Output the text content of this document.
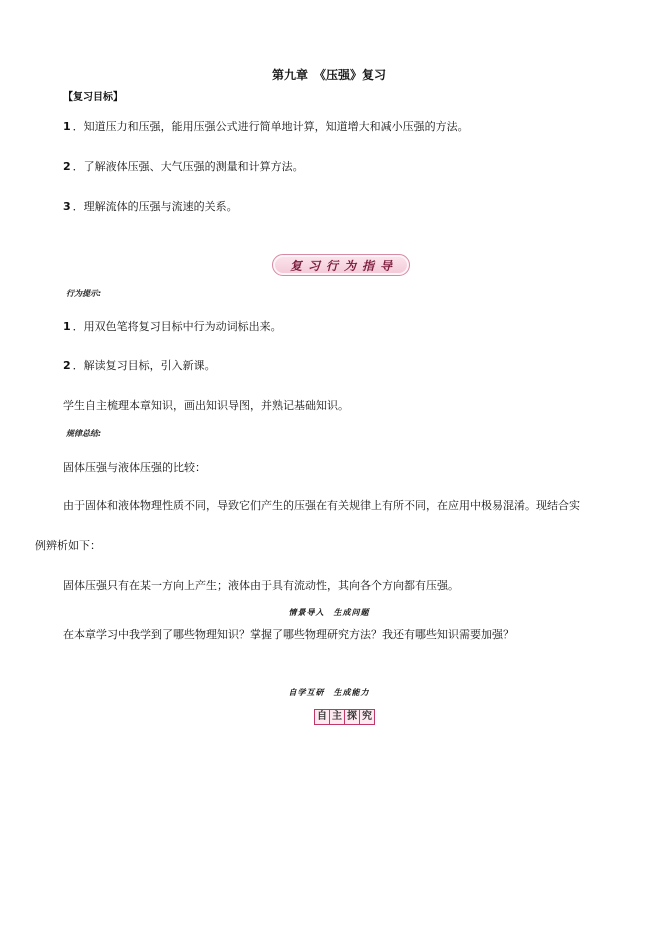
第九章　《压强》复习
【复习目标】
1 ．知道压力和压强，能用压强公式进行简单地计算，知道增大和减小压强的方法。
2 ．了解液体压强、大气压强的测量和计算方法。
3 ．理解流体的压强与流速的关系。
复习行为指导
行为提示:
1 ．用双色笔将复习目标中行为动词标出来。
2 ．解读复习目标，引入新课。
学生自主梳理本章知识，画出知识导图，并熟记基础知识。
规律总结:
固体压强与液体压强的比较：
由于固体和液体物理性质不同，导致它们产生的压强在有关规律上有所不同，在应用中极易混淆。现结合实
例辨析如下：
固体压强只有在某一方向上产生；液体由于具有流动性，其向各个方向都有压强。
情景导入　生成问题
在本章学习中我学到了哪些物理知识？掌握了哪些物理研究方法？我还有哪些知识需要加强？
自学互研　生成能力
自 主 探 究
